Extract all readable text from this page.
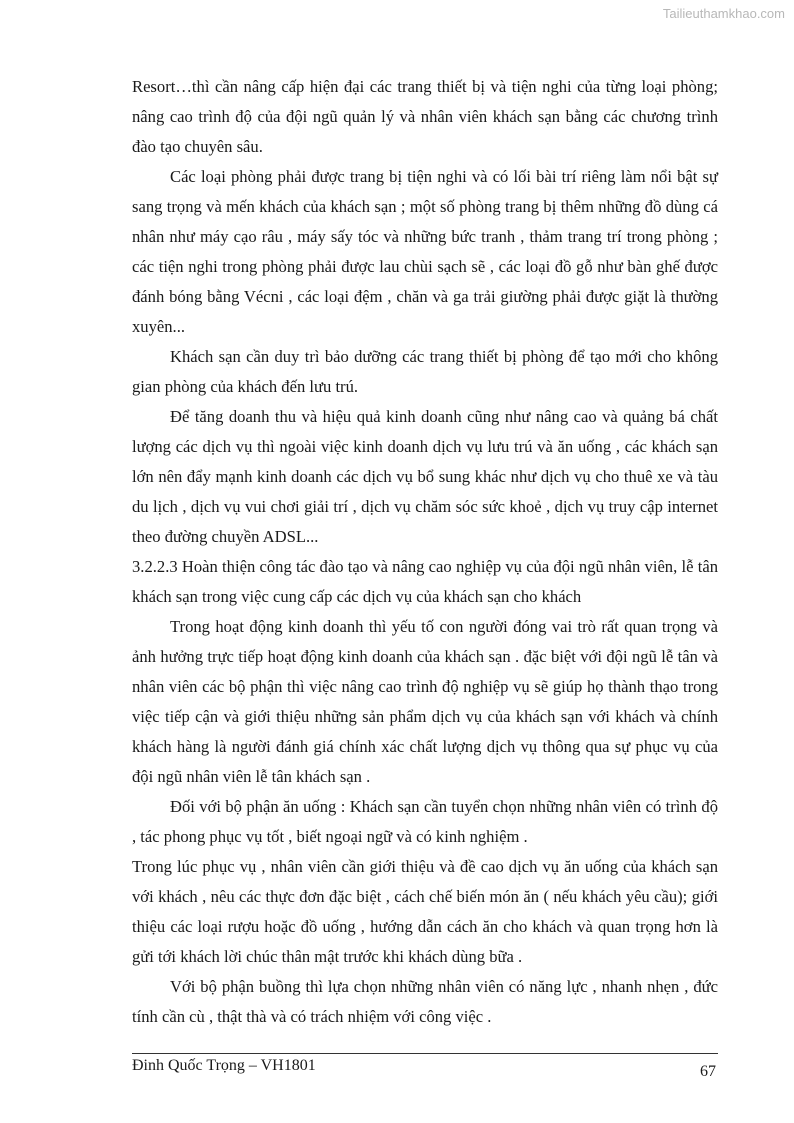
Tailieuthamkhao.com

Resort…thì cần nâng cấp hiện đại các trang thiết bị và tiện nghi của từng loại phòng; nâng cao trình độ của đội ngũ quản lý và nhân viên khách sạn bằng các chương trình đào tạo chuyên sâu.

Các loại phòng phải được trang bị tiện nghi và có lối bài trí riêng làm nổi bật sự sang trọng và mến khách của khách sạn ; một số phòng trang bị thêm những đồ dùng cá nhân như máy cạo râu , máy sấy tóc và những bức tranh , thảm trang trí trong phòng ; các tiện nghi trong phòng phải được lau chùi sạch sẽ , các loại đồ gỗ như bàn ghế được đánh bóng bằng Vécni , các loại đệm , chăn và ga trải giường phải được giặt là thường xuyên...

Khách sạn cần duy trì bảo dưỡng các trang thiết bị phòng để tạo mới cho không gian phòng của khách đến lưu trú.

Để tăng doanh thu và hiệu quả kinh doanh cũng như nâng cao và quảng bá chất lượng các dịch vụ thì ngoài việc kinh doanh dịch vụ lưu trú và ăn uống , các khách sạn lớn nên đẩy mạnh kinh doanh các dịch vụ bổ sung khác như dịch vụ cho thuê xe và tàu du lịch , dịch vụ vui chơi giải trí , dịch vụ chăm sóc sức khoẻ , dịch vụ truy cập internet theo đường chuyền ADSL...

3.2.2.3 Hoàn thiện công tác đào tạo và nâng cao nghiệp vụ của đội ngũ nhân viên, lễ tân khách sạn trong việc cung cấp các dịch vụ của khách sạn cho khách

Trong hoạt động kinh doanh thì yếu tố con người đóng vai trò rất quan trọng và ảnh hưởng trực tiếp hoạt động kinh doanh của khách sạn . đặc biệt với đội ngũ lễ tân và nhân viên các bộ phận thì việc nâng cao trình độ nghiệp vụ sẽ giúp họ thành thạo trong việc tiếp cận và giới thiệu những sản phẩm dịch vụ của khách sạn với khách và chính khách hàng là người đánh giá chính xác chất lượng dịch vụ thông qua sự phục vụ của đội ngũ nhân viên lễ tân khách sạn .

Đối với bộ phận ăn uống : Khách sạn cần tuyển chọn những nhân viên có trình độ , tác phong phục vụ tốt , biết ngoại ngữ và có kinh nghiệm .

Trong lúc phục vụ , nhân viên cần giới thiệu và đề cao dịch vụ ăn uống của khách sạn với khách , nêu các thực đơn đặc biệt , cách chế biến món ăn ( nếu khách yêu cầu); giới thiệu các loại rượu hoặc đồ uống , hướng dẫn cách ăn cho khách và quan trọng hơn là gửi tới khách lời chúc thân mật trước khi khách dùng bữa .

Với bộ phận buồng thì lựa chọn những nhân viên có năng lực , nhanh nhẹn , đức tính cần cù , thật thà và có trách nhiệm với công việc .

Đinh Quốc Trọng – VH1801	67
